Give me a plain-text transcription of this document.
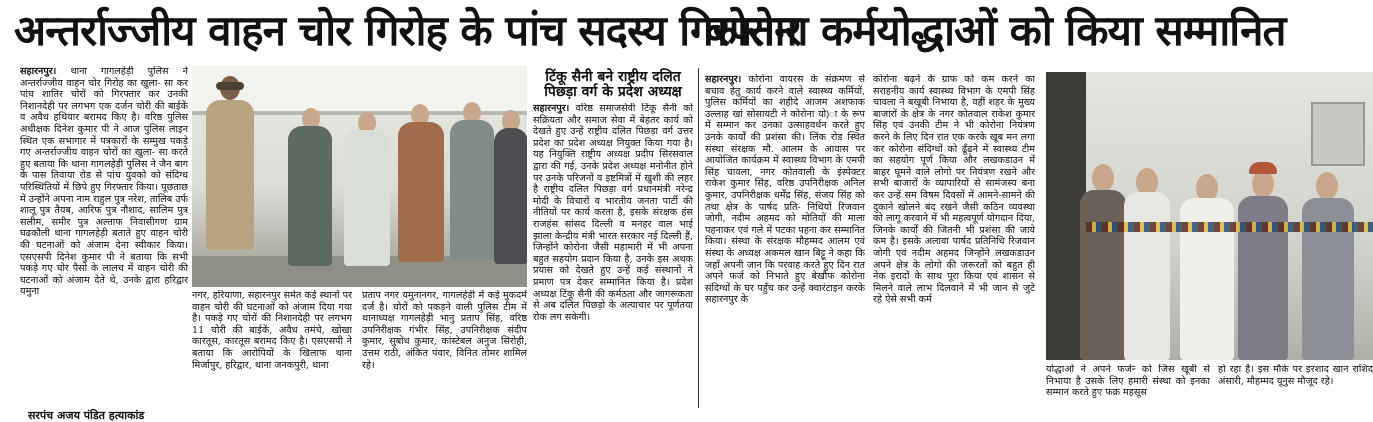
अन्तर्राज्जीय वाहन चोर गिरोह के पांच सदस्य गिरफ्तार
कोरोना कर्मयोद्धाओं को किया सम्मानित
सहारनपुर। थाना गागलहेड़ी पुलिस ने अन्तर्राज्जीय वाहन चोर गिरोह का खुला- सा कर पांच शातिर चोरों को गिरफ्तार कर उनकी निशानदेही पर लगभग एक दर्जन चोरी की बाईकें व अवैध हथियार बरामद किए है। वरिष्ठ पुलिस अधीक्षक दिनेश कुमार पी ने आज पुलिस लाइन स्थित एक सभागार में पत्रकारों के सम्मुख पकड़े गए अन्तर्राज्जीय वाहन चोरों का खुला- सा करते हुए बताया कि थाना गागलहेड़ी पुलिस ने जैन बाग के पास तिवाया रोड से पांच युवको को संदिग्ध परिस्थितियों में छिपे हुए गिरफ्तार किया। पूछताछ में उन्होंने अपना नाम राहुल पुत्र नरेश, तालिब उर्फ शालू पुत्र तैयब, आरिफ पुत्र नौशाद, सालिम पुत्र सलीम, समीर पुत्र अल्ताफ निवासीगण ग्राम घढकौली थाना गागलहेड़ी बताते हुए वाहन चोरी की घटनाओं को अंजाम देना स्वीकार किया। एसएसपी दिनेश कुमार पी ने बताया कि सभी पकड़े गए चोर पैसो के लालच में वाहन चोरी की घटनाओं को अंजाम देते थे, उनके द्वारा हरिद्वार यमुना
सरपंच अजय पंडित हत्याकांड
नगर, हरियाणा, सहारनपुर समेत कई स्थानों पर वाहन चोरी की घटनाओं को अंजाम दिया गया है। पकड़े गए चोरों की निशानदेही पर लगभग 11 चोरी की बाईकें, अवैध तमंचे, खोखा कारतूस, कारतूस बरामद किए है। एसएसपी ने बताया कि आरोपियों के खिलाफ थाना मिर्जापुर, हरिद्वार, थाना जनकपुरी, थाना
प्रताप नगर यमुनानगर, गागलहेड़ी में कई मुकदमें दर्ज है। चोरों को पकड़ने वाली पुलिस टीम में थानाध्यक्ष गागलहेड़ी भानु प्रताप सिंह, वरिष्ठ उपनिरीक्षक गंभीर सिंह, उपनिरीक्षक संदीप कुमार, सुबोध कुमार, कांस्टेबल अनुज सिरोही, उत्तम राठी, अंकित पंवार, विनित तोमर शामिल रहे।
टिंकू सैनी बने राष्ट्रीय दलित पिछड़ा वर्ग के प्रदेश अध्यक्ष
सहारनपुर। वरिष्ठ समाजसेवी टिंकू सैनी को सक्रियता और समाज सेवा में बेहतर कार्य को देखते हुए उन्हें राष्ट्रीय दलित पिछड़ा वर्ग उत्तर प्रदेश का प्रदेश अध्यक्ष नियुक्त किया गया है। यह नियुक्ति राष्ट्रीय अध्यक्ष प्रदीप सिरसवाल द्वारा की गई, उनके प्रदेश अध्यक्ष मनोनीत होने पर उनके परिजनों व इष्टमित्रों में खुशी की लहर है राष्ट्रीय दलित पिछड़ा वर्ग प्रधानमंत्री नरेन्द्र मोदी के विचारों व भारतीय जनता पार्टी की नीतियों पर कार्य करता है, इसके संरक्षक हंस राजहंस सांसद दिल्ली व मनहर वाल भाई झाला केन्द्रीय मंत्री भारत सरकार नई दिल्ली हैं, जिन्होंने कोरोना जैसी महामारी में भी अपना बहुत सहयोग प्रदान किया है, उनके इस अथक प्रयास को देखते हुए उन्हें कई संस्थानों ने प्रमाण पत्र देकर सम्मानित किया है। प्रदेश अध्यक्ष टिंकू सैनी की कर्मठता और जागरूकता से अब दलित पिछड़ो के अत्याचार पर पूर्णतया रोक लग सकेगी।
सहारनपुर। कोरोना वायरस के संक्रमण से बचाव हेतु कार्य करने वाले स्वास्थ्य कर्मियों, पुलिस कर्मियों का शहीदे आजम अशफाक उल्लाह खां सोसायटी ने कोरोना यो)ा के रूप में सम्मान कर उनका उत्साहवर्धन करते हुए उनके कार्यों की प्रशंसा की। लिंक रोड स्थित संस्था संरक्षक मौ. आलम के आवास पर आयोजित कार्यक्रम में स्वास्थ्य विभाग के एमपी सिंह चावला, नगर कोतवाली के इंस्पेक्टर राकेश कुमार सिंह, वरिष्ठ उपनिरीक्षक अनिल कुमार, उपनिरीक्षक धर्मेंद्र सिंह, संजय सिंह को तथा क्षेत्र के पार्षद प्रति- निधियों रिजवान जोगी, नदीम अहमद को मोतियों की माला पहनाकर एवं गले में पटका पहना कर सम्मानित किया। संस्था के संरक्षक मौहम्मद आलम एवं संस्था के अध्यक्ष अकमल खान बिट्टू ने कहा कि जहाँ अपनी जान कि परवाह करते हुए दिन रात अपने फर्ज को निभाते हुए बेखौफ कोरोना संदिग्धों के घर पहुँच कर उन्हें क्वारंटाइन करके सहारनपुर के
कोरोना बढ़ने के ग्राफ को कम करने का सराहनीय कार्य स्वास्थ्य विभाग के एमपी सिंह चावला ने बखूबी निभाया है, वहीं शहर के मुख्य बाजारों के क्षेत्र के नगर कोतवाल राकेश कुमार सिंह एवं उनकी टीम ने भी कोरोना नियंत्रण करने के लिए दिन रात एक करके खूब मन लगा कर कोरोना संदिग्धों को ढूँढ़ने में स्वास्थ्य टीम का सहयोग पूर्ण किया और लखकडाउन में बाहर घूमने वाले लोगो पर नियंत्रण रखने और सभी बाजारों के व्यापारियों से सामंजस्य बना कर उन्हें सम विषम दिवसों में आमने-सामने की दुकाने खोलने बंद रखने जैसी कठिन व्यवस्था को लागू करवाने में भी महत्वपूर्ण योगदान दिया, जिनके कार्यों की जितनी भी प्रशंसा की जाये कम है। इसके अलावा पार्षद प्रतिनिधि रिजवान जोगी एवं नदीम अहमद जिन्होंने लखकडाउन अपने क्षेत्र के लोगो की जरूरतों को बहुत ही नेक इरादों के साथ पूरा किया एवं शासन से मिलने वाले लाभ दिलवाने में भी जान से जुटे रहे ऐसे सभी कर्म
योद्धाओ ने अपने फर्जन्‍ को जिस खूबी से निभाया है उसके लिए हमारी संस्था को इनका सम्मान करते हुए फक्र महसूस
हो रहा है। इस मौके पर इरशाद खान राशिद अंसारी, मौहम्मद यूनुस मौजूद रहे।
